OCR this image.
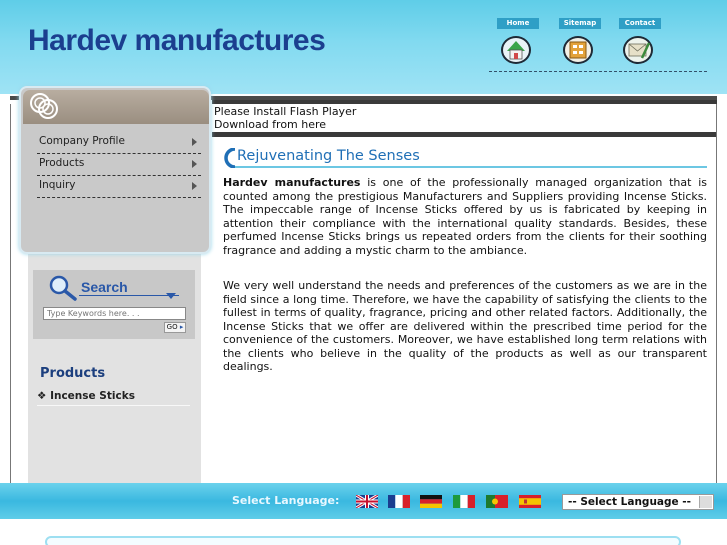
Hardev manufactures
Home	Sitemap	Contact
Company Profile
Products
Inquiry
Search
Type Keywords here. . .
GO ▸
Products
❖ Incense Sticks
Please Install Flash Player
Download from here
Rejuvenating The Senses

Hardev manufactures is one of the professionally managed organization that is counted among the prestigious Manufacturers and Suppliers providing Incense Sticks. The impeccable range of Incense Sticks offered by us is fabricated by keeping in attention their compliance with the international quality standards. Besides, these perfumed Incense Sticks brings us repeated orders from the clients for their soothing fragrance and adding a mystic charm to the ambiance.

We very well understand the needs and preferences of the customers as we are in the field since a long time. Therefore, we have the capability of satisfying the clients to the fullest in terms of quality, fragrance, pricing and other related factors. Additionally, the Incense Sticks that we offer are delivered within the prescribed time period for the convenience of the customers. Moreover, we have established long term relations with the clients who believe in the quality of the products as well as our transparent dealings.

Select Language:	-- Select Language --
